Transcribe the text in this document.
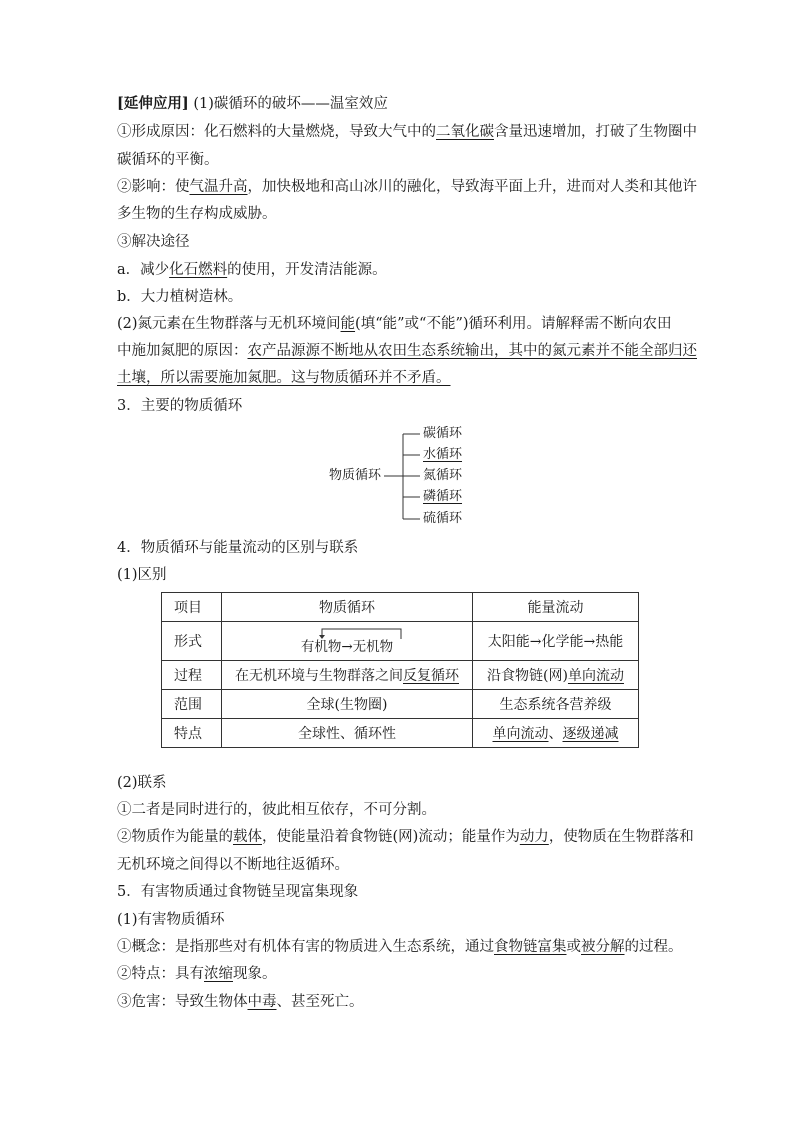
[延伸应用] (1)碳循环的破坏——温室效应
①形成原因：化石燃料的大量燃烧，导致大气中的二氧化碳含量迅速增加，打破了生物圈中
碳循环的平衡。
②影响：使气温升高，加快极地和高山冰川的融化，导致海平面上升，进而对人类和其他许
多生物的生存构成威胁。
③解决途径
a．减少化石燃料的使用，开发清洁能源。
b．大力植树造林。
(2)氮元素在生物群落与无机环境间能(填“能”或“不能”)循环利用。请解释需不断向农田
中施加氮肥的原因：农产品源源不断地从农田生态系统输出，其中的氮元素并不能全部归还
土壤，所以需要施加氮肥。这与物质循环并不矛盾。
3．主要的物质循环
物质循环
碳循环
水循环
氮循环
磷循环
硫循环
4．物质循环与能量流动的区别与联系
(1)区别
项目	物质循环	能量流动
形式	有机物→无机物	太阳能→化学能→热能
过程	在无机环境与生物群落之间反复循环	沿食物链(网)单向流动
范围	全球(生物圈)	生态系统各营养级
特点	全球性、循环性	单向流动、逐级递减
(2)联系
①二者是同时进行的，彼此相互依存，不可分割。
②物质作为能量的载体，使能量沿着食物链(网)流动；能量作为动力，使物质在生物群落和
无机环境之间得以不断地往返循环。
5．有害物质通过食物链呈现富集现象
(1)有害物质循环
①概念：是指那些对有机体有害的物质进入生态系统，通过食物链富集或被分解的过程。
②特点：具有浓缩现象。
③危害：导致生物体中毒、甚至死亡。
